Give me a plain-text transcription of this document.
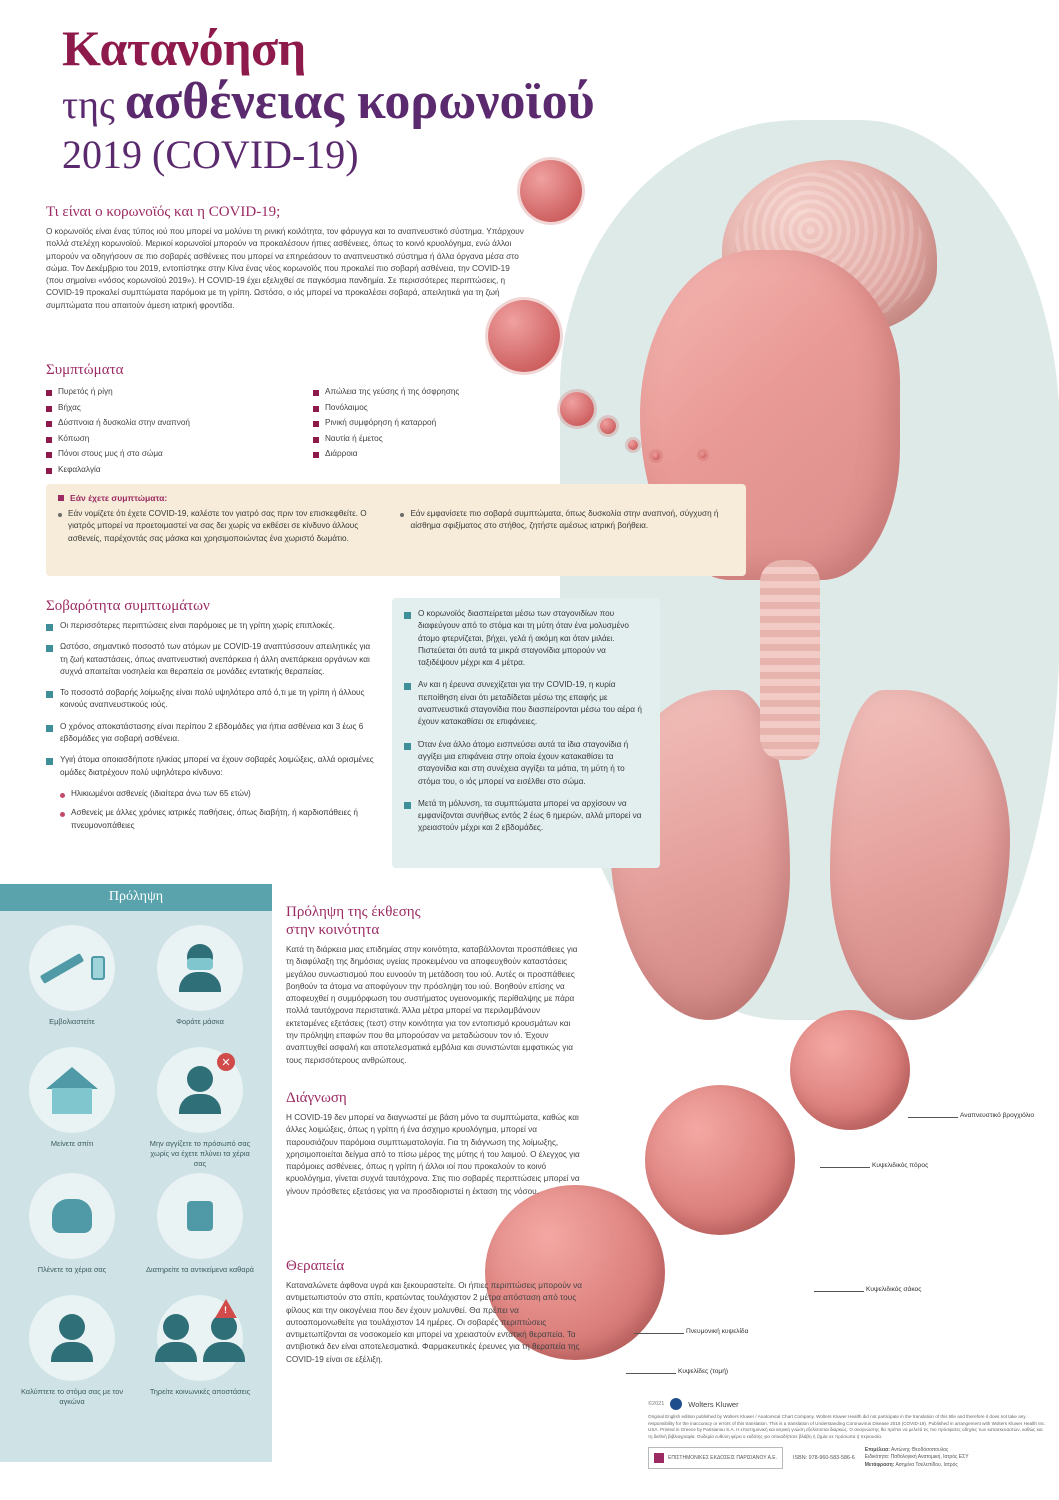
Κατανόηση
της ασθένειας κορωνοϊού
2019 (COVID-19)
Τι είναι ο κορωνοϊός και η COVID-19;

Ο κορωνοϊός είναι ένας τύπος ιού που μπορεί να μολύνει τη ρινική κοιλότητα, τον φάρυγγα και το αναπνευστικό σύστημα. Υπάρχουν πολλά στελέχη κορωνοϊού. Μερικοί κορωνοϊοί μπορούν να προκαλέσουν ήπιες ασθένειες, όπως το κοινό κρυολόγημα, ενώ άλλοι μπορούν να οδηγήσουν σε πιο σοβαρές ασθένειες που μπορεί να επηρεάσουν το αναπνευστικό σύστημα ή άλλα όργανα μέσα στο σώμα. Τον Δεκέμβριο του 2019, εντοπίστηκε στην Κίνα ένας νέος κορωνοϊός που προκαλεί πιο σοβαρή ασθένεια, την COVID-19 (που σημαίνει «νόσος κορωνοϊού 2019»). Η COVID-19 έχει εξελιχθεί σε παγκόσμια πανδημία. Σε περισσότερες περιπτώσεις, η COVID-19 προκαλεί συμπτώματα παρόμοια με τη γρίπη. Ωστόσο, ο ιός μπορεί να προκαλέσει σοβαρά, απειλητικά για τη ζωή συμπτώματα που απαιτούν άμεση ιατρική φροντίδα.

Συμπτώματα
Πυρετός ή ρίγη
Βήχας
Δύσπνοια ή δυσκολία στην αναπνοή
Κόπωση
Πόνοι στους μυς ή στο σώμα
Κεφαλαλγία
Απώλεια της γεύσης ή της όσφρησης
Πονόλαιμος
Ρινική συμφόρηση ή καταρροή
Ναυτία ή έμετος
Διάρροια
Εάν έχετε συμπτώματα:
Εάν νομίζετε ότι έχετε COVID-19, καλέστε τον γιατρό σας πριν τον επισκεφθείτε. Ο γιατρός μπορεί να προετοιμαστεί να σας δει χωρίς να εκθέσει σε κίνδυνο άλλους ασθενείς, παρέχοντάς σας μάσκα και χρησιμοποιώντας ένα χωριστό δωμάτιο.
Εάν εμφανίσετε πιο σοβαρά συμπτώματα, όπως δυσκολία στην αναπνοή, σύγχυση ή αίσθημα σφιξίματος στο στήθος, ζητήστε αμέσως ιατρική βοήθεια.
Σοβαρότητα συμπτωμάτων
Οι περισσότερες περιπτώσεις είναι παρόμοιες με τη γρίπη χωρίς επιπλοκές.
Ωστόσο, σημαντικό ποσοστό των ατόμων με COVID-19 αναπτύσσουν απειλητικές για τη ζωή καταστάσεις, όπως αναπνευστική ανεπάρκεια ή άλλη ανεπάρκεια οργάνων και συχνά απαιτείται νοσηλεία και θεραπεία σε μονάδες εντατικής θεραπείας.
Το ποσοστό σοβαρής λοίμωξης είναι πολύ υψηλότερο από ό,τι με τη γρίπη ή άλλους κοινούς αναπνευστικούς ιούς.
Ο χρόνος αποκατάστασης είναι περίπου 2 εβδομάδες για ήπια ασθένεια και 3 έως 6 εβδομάδες για σοβαρή ασθένεια.
Υγιή άτομα οποιασδήποτε ηλικίας μπορεί να έχουν σοβαρές λοιμώξεις, αλλά ορισμένες ομάδες διατρέχουν πολύ υψηλότερο κίνδυνο:
Ηλικιωμένοι ασθενείς (ιδιαίτερα άνω των 65 ετών)
Ασθενείς με άλλες χρόνιες ιατρικές παθήσεις, όπως διαβήτη, ή καρδιοπάθειες ή πνευμονοπάθειες
Ο κορωνοϊός διασπείρεται μέσω των σταγονιδίων που διαφεύγουν από το στόμα και τη μύτη όταν ένα μολυσμένο άτομο φτερνίζεται, βήχει, γελά ή ακόμη και όταν μιλάει. Πιστεύεται ότι αυτά τα μικρά σταγονίδια μπορούν να ταξιδέψουν μέχρι και 4 μέτρα.
Αν και η έρευνα συνεχίζεται για την COVID-19, η κυρία πεποίθηση είναι ότι μεταδίδεται μέσω της επαφής με αναπνευστικά σταγονίδια που διασπείρονται μέσω του αέρα ή έχουν κατακαθίσει σε επιφάνειες.
Όταν ένα άλλο άτομο εισπνεύσει αυτά τα ίδια σταγονίδια ή αγγίξει μια επιφάνεια στην οποία έχουν κατακαθίσει τα σταγονίδια και στη συνέχεια αγγίξει τα μάτια, τη μύτη ή το στόμα του, ο ιός μπορεί να εισέλθει στο σώμα.
Μετά τη μόλυνση, τα συμπτώματα μπορεί να αρχίσουν να εμφανίζονται συνήθως εντός 2 έως 6 ημερών, αλλά μπορεί να χρειαστούν μέχρι και 2 εβδομάδες.
Πρόληψη
Εμβολιαστείτε	Φοράτε μάσκα
Μείνετε σπίτι
✕
Μην αγγίζετε το πρόσωπό σας χωρίς να έχετε πλύνει τα χέρια σας
Πλένετε τα χέρια σας	Διατηρείτε τα αντικείμενα καθαρά
Καλύπτετε το στόμα σας με τον αγκώνα
!
Τηρείτε κοινωνικές αποστάσεις
Πρόληψη της έκθεσης
στην κοινότητα

Κατά τη διάρκεια μιας επιδημίας στην κοινότητα, καταβάλλονται προσπάθειες για τη διαφύλαξη της δημόσιας υγείας προκειμένου να αποφευχθούν καταστάσεις μεγάλου συνωστισμού που ευνοούν τη μετάδοση του ιού. Αυτές οι προσπάθειες βοηθούν τα άτομα να αποφύγουν την πρόσληψη του ιού. Βοηθούν επίσης να αποφευχθεί η συμμόρφωση του συστήματος υγειονομικής περίθαλψης με πάρα πολλά ταυτόχρονα περιστατικά. Άλλα μέτρα μπορεί να περιλαμβάνουν εκτεταμένες εξετάσεις (τεστ) στην κοινότητα για τον εντοπισμό κρουσμάτων και την πρόληψη επαφών που θα μπορούσαν να μεταδώσουν τον ιό. Έχουν αναπτυχθεί ασφαλή και αποτελεσματικά εμβόλια και συνιστώνται εμφατικώς για τους περισσότερους ανθρώπους.

Διάγνωση

Η COVID-19 δεν μπορεί να διαγνωστεί με βάση μόνο τα συμπτώματα, καθώς και άλλες λοιμώξεις, όπως η γρίπη ή ένα άσχημο κρυολόγημα, μπορεί να παρουσιάζουν παρόμοια συμπτωματολογία. Για τη διάγνωση της λοίμωξης, χρησιμοποιείται δείγμα από το πίσω μέρος της μύτης ή του λαιμού. Ο έλεγχος για παρόμοιες ασθένειες, όπως η γρίπη ή άλλοι ιοί που προκαλούν το κοινό κρυολόγημα, γίνεται συχνά ταυτόχρονα. Στις πιο σοβαρές περιπτώσεις μπορεί να γίνουν πρόσθετες εξετάσεις για να προσδιοριστεί η έκταση της νόσου.

Θεραπεία

Καταναλώνετε άφθονα υγρά και ξεκουραστείτε. Οι ήπιες περιπτώσεις μπορούν να αντιμετωπιστούν στο σπίτι, κρατώντας τουλάχιστον 2 μέτρα απόσταση από τους φίλους και την οικογένεια που δεν έχουν μολυνθεί. Θα πρέπει να αυτοαπομονωθείτε για τουλάχιστον 14 ημέρες. Οι σοβαρές περιπτώσεις αντιμετωπίζονται σε νοσοκομείο και μπορεί να χρειαστούν εντατική θεραπεία. Τα αντιβιοτικά δεν είναι αποτελεσματικά. Φαρμακευτικές έρευνες για τη θεραπεία της COVID-19 είναι σε εξέλιξη.

Αναπνευστικό βρογχιόλιο
Κυψελιδικός πόρος
Κυψελιδικός σάκος
Πνευμονική κυψελίδα
Κυψελίδες (τομή)
©2021	Wolters Kluwer
Original English edition published by Wolters Kluwer / Anatomical Chart Company. Wolters Kluwer Health did not participate in the translation of this title and therefore it does not take any responsibility for the inaccuracy or errors of this translation. This is a translation of Understanding Coronavirus Disease 2019 (COVID-19). Published in arrangement with Wolters Kluwer Health Inc. USA. Printed in Greece by Parisianou S.A. Η επιστημονική και ιατρική γνώση εξελίσσεται διαρκώς. Ο αναγνώστης θα πρέπει να μελετά τις πιο πρόσφατες οδηγίες των κατασκευαστών, καθώς και τη διεθνή βιβλιογραφία. Ουδεμία ευθύνη φέρει ο εκδότης για οποιαδήποτε βλάβη ή ζημία σε πρόσωπα ή περιουσία.
ΕΠΙΣΤΗΜΟΝΙΚΕΣ ΕΚΔΟΣΕΙΣ ΠΑΡΙΣΙΑΝΟΥ Α.Ε.	ISBN: 978-960-583-586-6
Επιμέλεια: Αντώνης Θεοδόσοπουλος
Ειδικότητα: Παθολογική Ανατομική, Ιατρός ΕΣΥ
Μετάφραση: Ασημίνα Τσελεπίδου, Ιατρός
